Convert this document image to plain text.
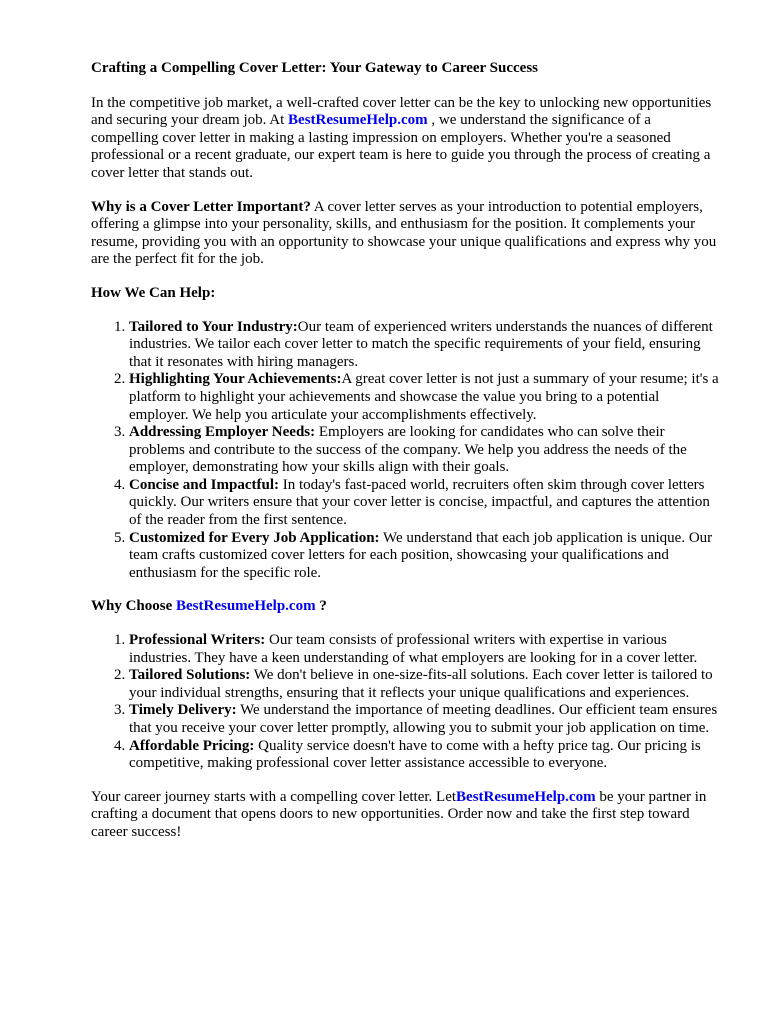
Crafting a Compelling Cover Letter: Your Gateway to Career Success

In the competitive job market, a well-crafted cover letter can be the key to unlocking new opportunities and securing your dream job. At BestResumeHelp.com , we understand the significance of a compelling cover letter in making a lasting impression on employers. Whether you're a seasoned professional or a recent graduate, our expert team is here to guide you through the process of creating a cover letter that stands out.

Why is a Cover Letter Important? A cover letter serves as your introduction to potential employers, offering a glimpse into your personality, skills, and enthusiasm for the position. It complements your resume, providing you with an opportunity to showcase your unique qualifications and express why you are the perfect fit for the job.

How We Can Help:
1. Tailored to Your Industry:Our team of experienced writers understands the nuances of different industries. We tailor each cover letter to match the specific requirements of your field, ensuring that it resonates with hiring managers.
2. Highlighting Your Achievements:A great cover letter is not just a summary of your resume; it's a platform to highlight your achievements and showcase the value you bring to a potential employer. We help you articulate your accomplishments effectively.
3. Addressing Employer Needs: Employers are looking for candidates who can solve their problems and contribute to the success of the company. We help you address the needs of the employer, demonstrating how your skills align with their goals.
4. Concise and Impactful: In today's fast-paced world, recruiters often skim through cover letters quickly. Our writers ensure that your cover letter is concise, impactful, and captures the attention of the reader from the first sentence.
5. Customized for Every Job Application: We understand that each job application is unique. Our team crafts customized cover letters for each position, showcasing your qualifications and enthusiasm for the specific role.
Why Choose BestResumeHelp.com ?
1. Professional Writers: Our team consists of professional writers with expertise in various industries. They have a keen understanding of what employers are looking for in a cover letter.
2. Tailored Solutions: We don't believe in one-size-fits-all solutions. Each cover letter is tailored to your individual strengths, ensuring that it reflects your unique qualifications and experiences.
3. Timely Delivery: We understand the importance of meeting deadlines. Our efficient team ensures that you receive your cover letter promptly, allowing you to submit your job application on time.
4. Affordable Pricing: Quality service doesn't have to come with a hefty price tag. Our pricing is competitive, making professional cover letter assistance accessible to everyone.

Your career journey starts with a compelling cover letter. LetBestResumeHelp.com be your partner in crafting a document that opens doors to new opportunities. Order now and take the first step toward career success!
